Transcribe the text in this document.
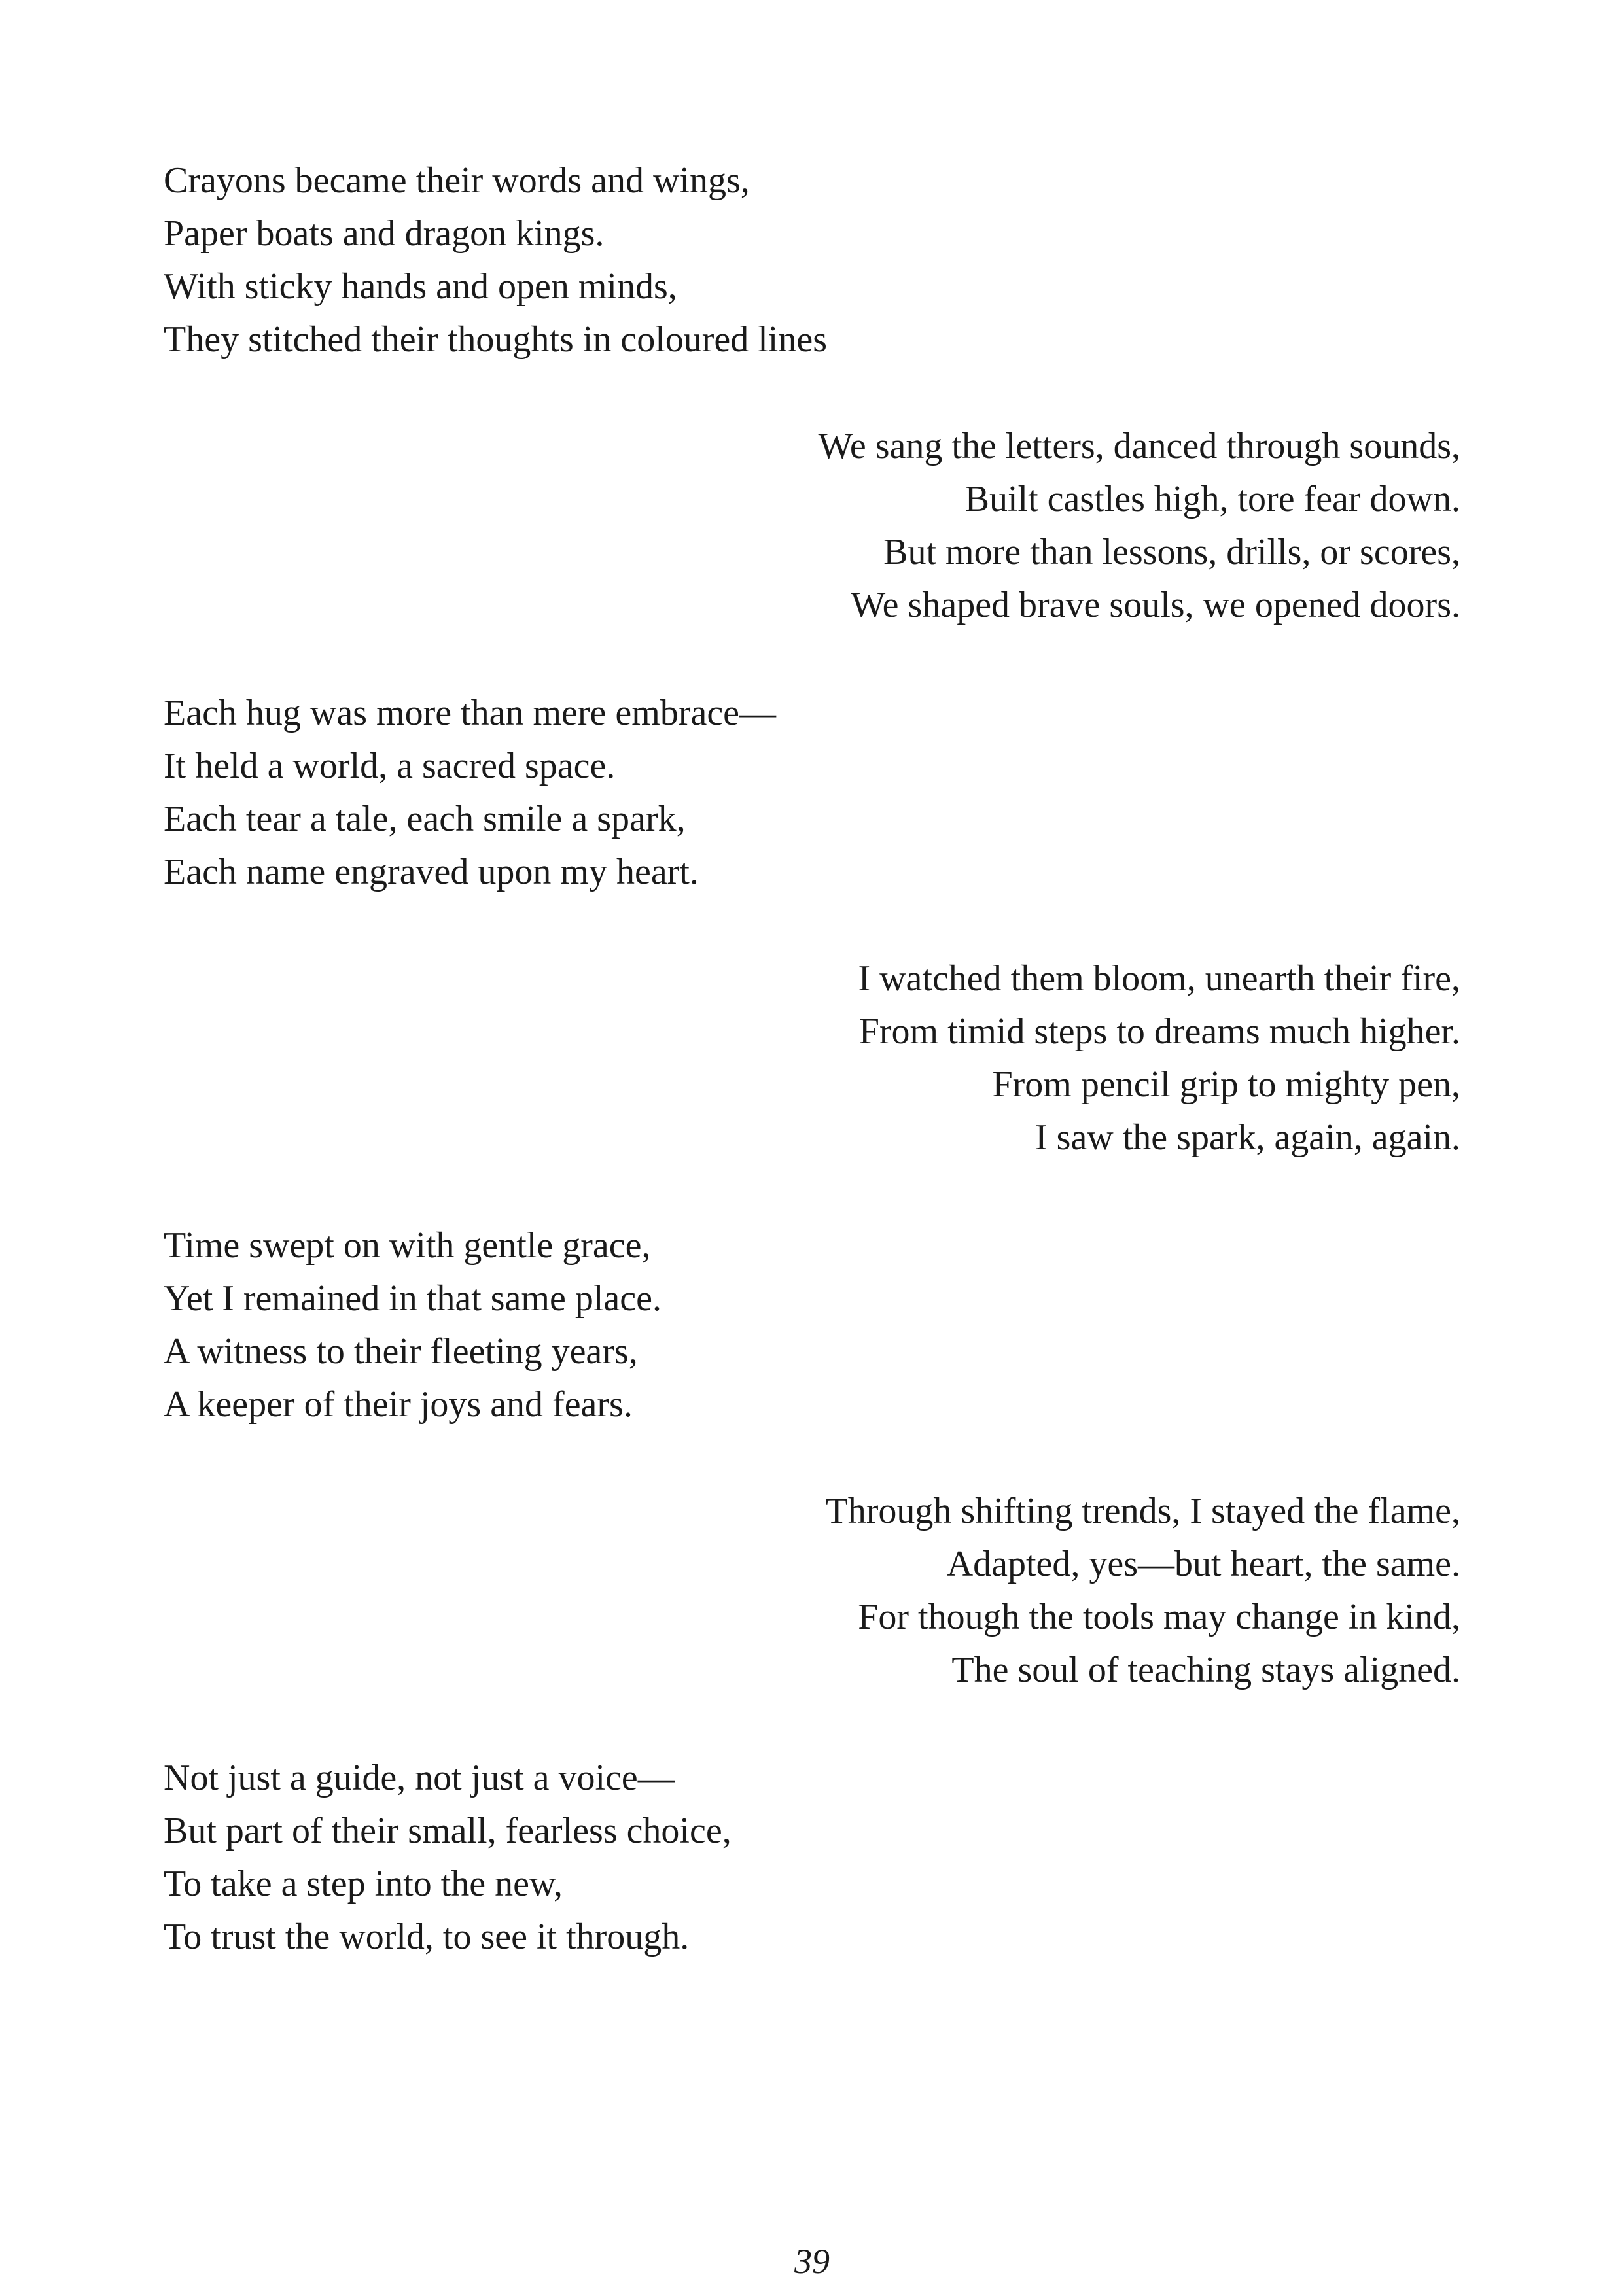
Crayons became their words and wings,
Paper boats and dragon kings.
With sticky hands and open minds,
They stitched their thoughts in coloured lines

We sang the letters, danced through sounds,
Built castles high, tore fear down.
But more than lessons, drills, or scores,
We shaped brave souls, we opened doors.

Each hug was more than mere embrace—
It held a world, a sacred space.
Each tear a tale, each smile a spark,
Each name engraved upon my heart.

I watched them bloom, unearth their fire,
From timid steps to dreams much higher.
From pencil grip to mighty pen,
I saw the spark, again, again.

Time swept on with gentle grace,
Yet I remained in that same place.
A witness to their fleeting years,
A keeper of their joys and fears.

Through shifting trends, I stayed the flame,
Adapted, yes—but heart, the same.
For though the tools may change in kind,
The soul of teaching stays aligned.

Not just a guide, not just a voice—
But part of their small, fearless choice,
To take a step into the new,
To trust the world, to see it through.

39
